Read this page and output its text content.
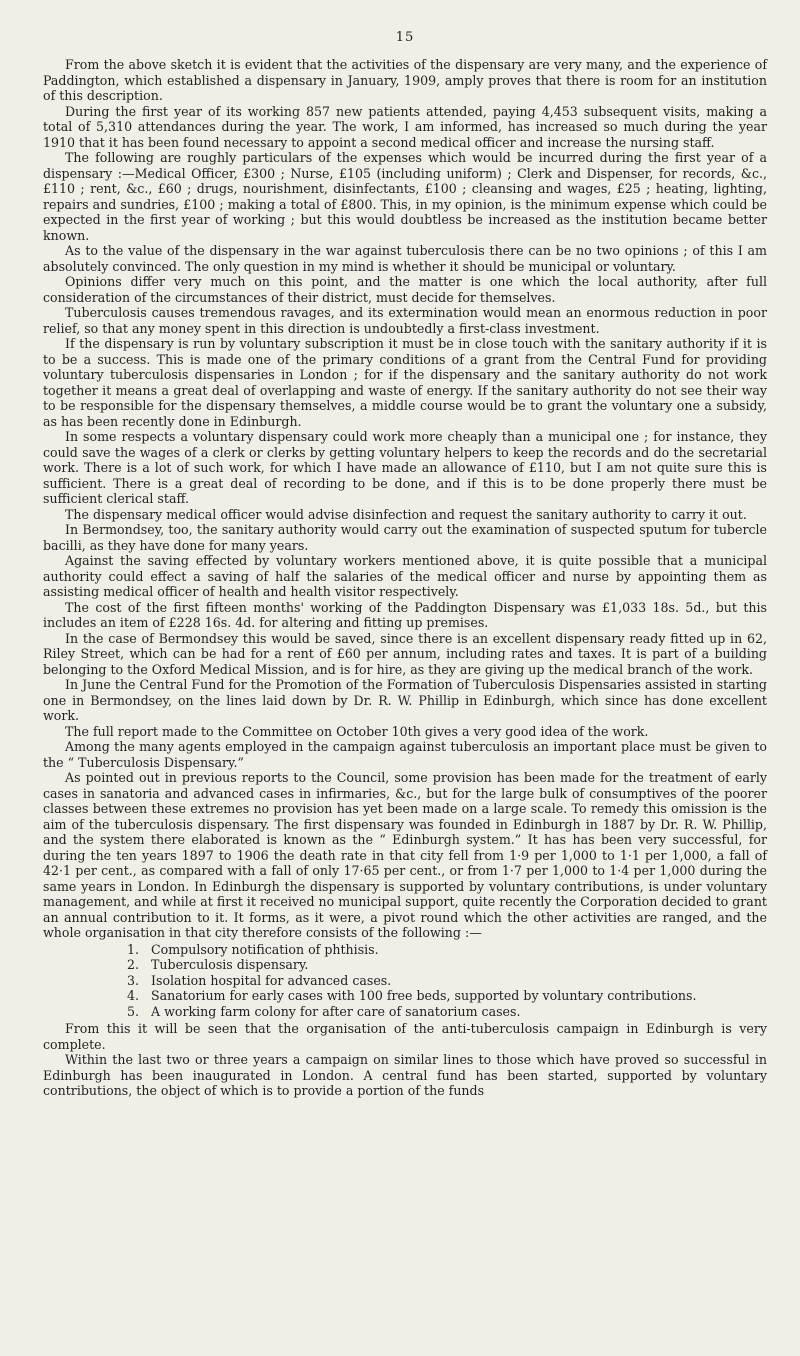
15

From the above sketch it is evident that the activities of the dispensary are very many, and the experience of Paddington, which established a dispensary in January, 1909, amply proves that there is room for an institution of this description.

During the first year of its working 857 new patients attended, paying 4,453 subsequent visits, making a total of 5,310 attendances during the year. The work, I am informed, has increased so much during the year 1910 that it has been found necessary to appoint a second medical officer and increase the nursing staff.

The following are roughly particulars of the expenses which would be incurred during the first year of a dispensary :—Medical Officer, £300 ; Nurse, £105 (including uniform) ; Clerk and Dispenser, for records, &c., £110 ; rent, &c., £60 ; drugs, nourishment, disinfectants, £100 ; cleansing and wages, £25 ; heating, lighting, repairs and sundries, £100 ; making a total of £800. This, in my opinion, is the minimum expense which could be expected in the first year of working ; but this would doubtless be increased as the institution became better known.

As to the value of the dispensary in the war against tuberculosis there can be no two opinions ; of this I am absolutely convinced. The only question in my mind is whether it should be municipal or voluntary.

Opinions differ very much on this point, and the matter is one which the local authority, after full consideration of the circumstances of their district, must decide for themselves.

Tuberculosis causes tremendous ravages, and its extermination would mean an enormous reduction in poor relief, so that any money spent in this direction is undoubtedly a first-class investment.

If the dispensary is run by voluntary subscription it must be in close touch with the sanitary authority if it is to be a success. This is made one of the primary conditions of a grant from the Central Fund for providing voluntary tuberculosis dispensaries in London ; for if the dispensary and the sanitary authority do not work together it means a great deal of overlapping and waste of energy. If the sanitary authority do not see their way to be responsible for the dispensary themselves, a middle course would be to grant the voluntary one a subsidy, as has been recently done in Edinburgh.

In some respects a voluntary dispensary could work more cheaply than a municipal one ; for instance, they could save the wages of a clerk or clerks by getting voluntary helpers to keep the records and do the secretarial work. There is a lot of such work, for which I have made an allowance of £110, but I am not quite sure this is sufficient. There is a great deal of recording to be done, and if this is to be done properly there must be sufficient clerical staff.

The dispensary medical officer would advise disinfection and request the sanitary authority to carry it out.

In Bermondsey, too, the sanitary authority would carry out the examination of suspected sputum for tubercle bacilli, as they have done for many years.

Against the saving effected by voluntary workers mentioned above, it is quite possible that a municipal authority could effect a saving of half the salaries of the medical officer and nurse by appointing them as assisting medical officer of health and health visitor respectively.

The cost of the first fifteen months' working of the Paddington Dispensary was £1,033 18s. 5d., but this includes an item of £228 16s. 4d. for altering and fitting up premises.

In the case of Bermondsey this would be saved, since there is an excellent dispensary ready fitted up in 62, Riley Street, which can be had for a rent of £60 per annum, including rates and taxes. It is part of a building belonging to the Oxford Medical Mission, and is for hire, as they are giving up the medical branch of the work.

In June the Central Fund for the Promotion of the Formation of Tuberculosis Dispensaries assisted in starting one in Bermondsey, on the lines laid down by Dr. R. W. Phillip in Edinburgh, which since has done excellent work.

The full report made to the Committee on October 10th gives a very good idea of the work.

Among the many agents employed in the campaign against tuberculosis an important place must be given to the “ Tuberculosis Dispensary.”

As pointed out in previous reports to the Council, some provision has been made for the treatment of early cases in sanatoria and advanced cases in infirmaries, &c., but for the large bulk of consumptives of the poorer classes between these extremes no provision has yet been made on a large scale. To remedy this omission is the aim of the tuberculosis dispensary. The first dispensary was founded in Edinburgh in 1887 by Dr. R. W. Phillip, and the system there elaborated is known as the “ Edinburgh system.” It has has been very successful, for during the ten years 1897 to 1906 the death rate in that city fell from 1·9 per 1,000 to 1·1 per 1,000, a fall of 42·1 per cent., as compared with a fall of only 17·65 per cent., or from 1·7 per 1,000 to 1·4 per 1,000 during the same years in London. In Edinburgh the dispensary is supported by voluntary contributions, is under voluntary management, and while at first it received no municipal support, quite recently the Corporation decided to grant an annual contribution to it. It forms, as it were, a pivot round which the other activities are ranged, and the whole organisation in that city therefore consists of the following :—

1. Compulsory notification of phthisis.
2. Tuberculosis dispensary.
3. Isolation hospital for advanced cases.
4. Sanatorium for early cases with 100 free beds, supported by voluntary contributions.
5. A working farm colony for after care of sanatorium cases.

From this it will be seen that the organisation of the anti-tuberculosis campaign in Edinburgh is very complete.

Within the last two or three years a campaign on similar lines to those which have proved so successful in Edinburgh has been inaugurated in London. A central fund has been started, supported by voluntary contributions, the object of which is to provide a portion of the funds
